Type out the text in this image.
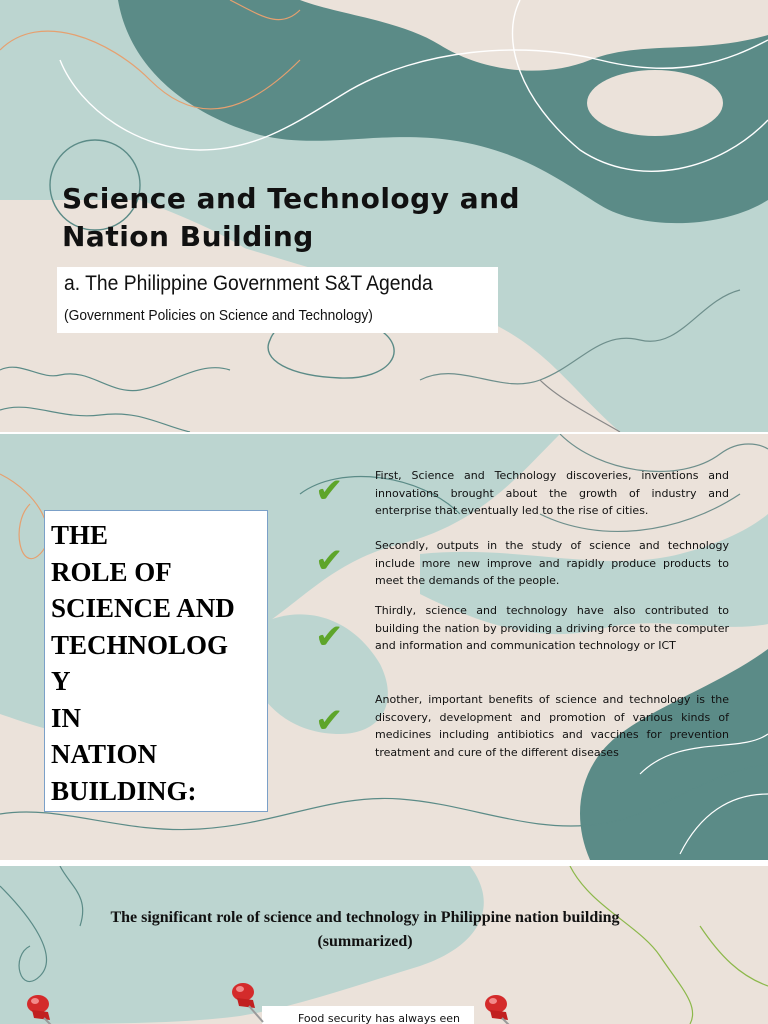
Science and Technology and
Nation Building
a. The Philippine Government S&T Agenda
(Government Policies on Science and Technology)
THE
ROLE OF
SCIENCE AND
TECHNOLOG
Y
IN
NATION
BUILDING:
✔	First, Science and Technology discoveries, inventions and innovations brought about the growth of industry and enterprise that eventually led to the rise of cities.

✔	Secondly, outputs in the study of science and technology include more new improve and rapidly produce products to meet the demands of the people.

✔

Thirdly, science and technology have also contributed to building the nation by providing a driving force to the computer and information and communication technology or ICT

✔

Another, important benefits of science and technology is the discovery, development and promotion of various kinds of medicines including antibiotics and vaccines for prevention treatment and cure of the different diseases

The significant role of science and technology in Philippine nation building (summarized)

Food security has always een
